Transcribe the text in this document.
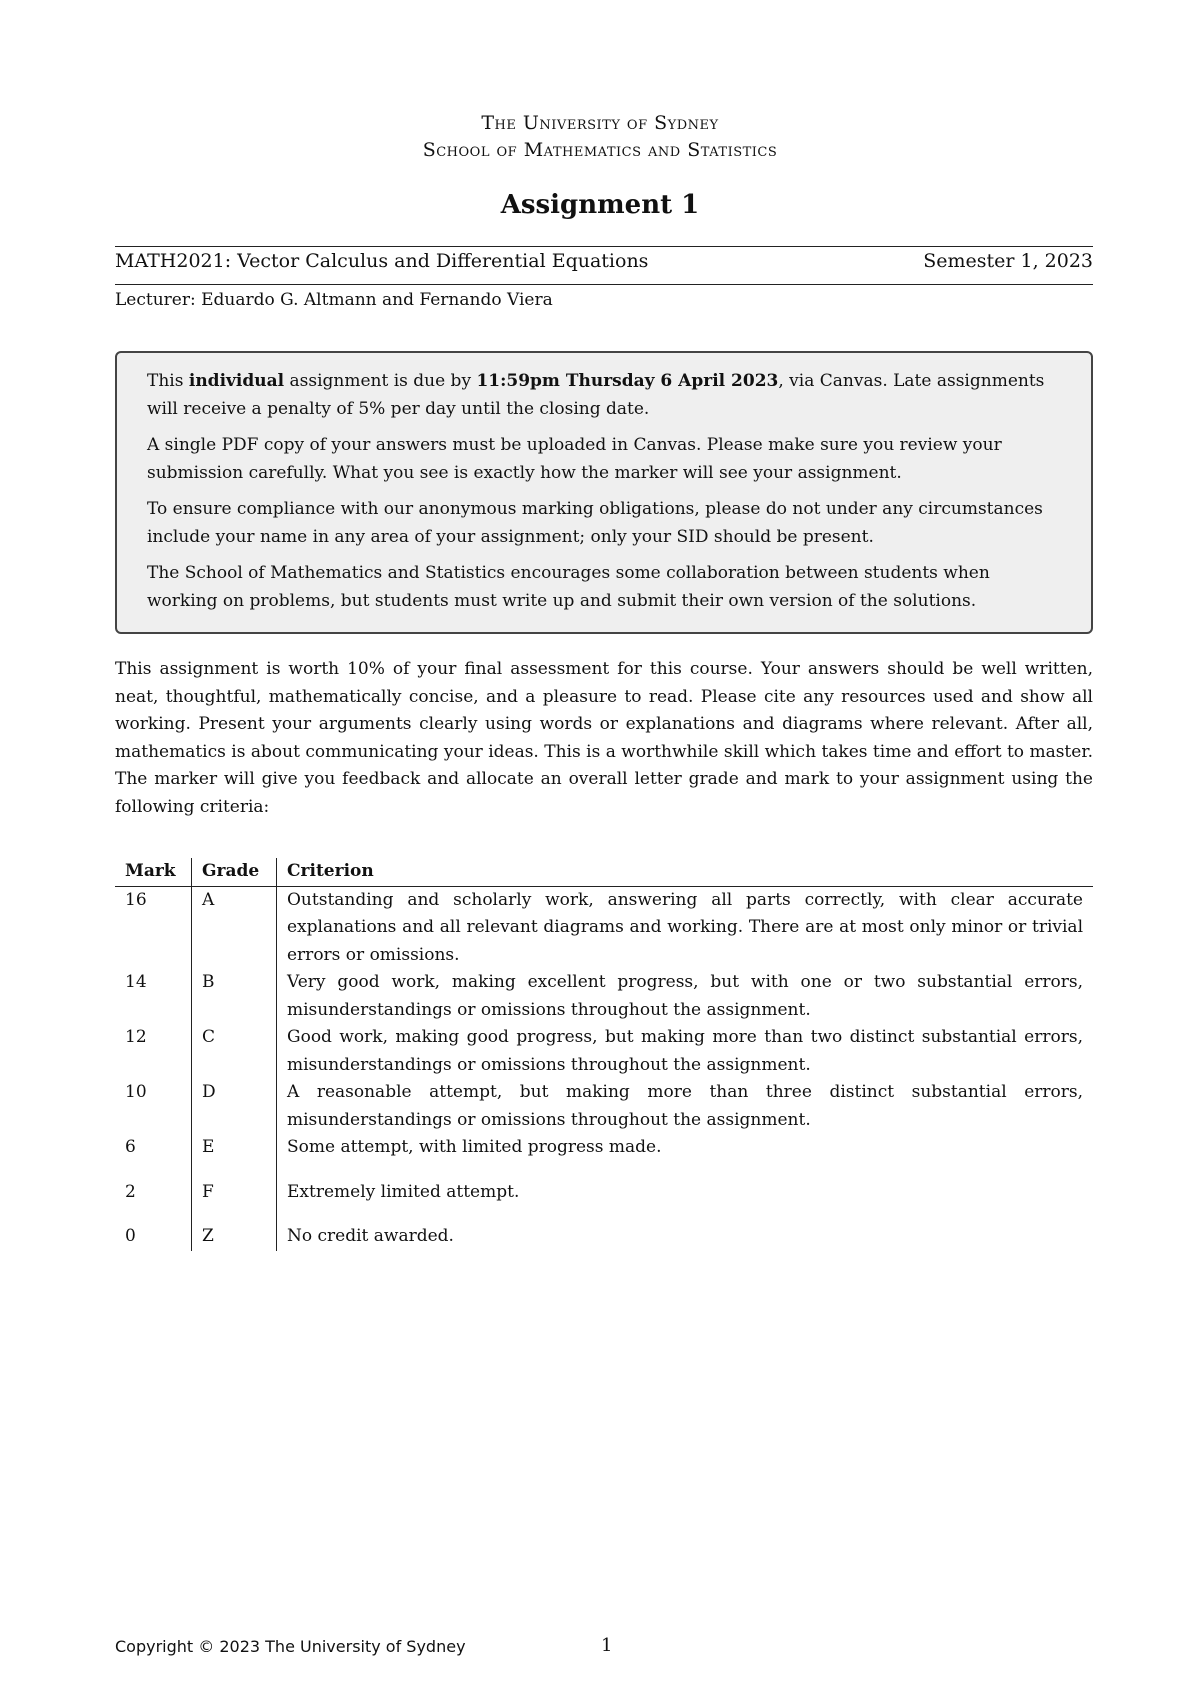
The University of Sydney
School of Mathematics and Statistics
Assignment 1
MATH2021: Vector Calculus and Differential Equations	Semester 1, 2023
Lecturer: Eduardo G. Altmann and Fernando Viera

This individual assignment is due by 11:59pm Thursday 6 April 2023, via Canvas. Late assignments will receive a penalty of 5% per day until the closing date.

A single PDF copy of your answers must be uploaded in Canvas. Please make sure you review your submission carefully. What you see is exactly how the marker will see your assignment.

To ensure compliance with our anonymous marking obligations, please do not under any circumstances include your name in any area of your assignment; only your SID should be present.

The School of Mathematics and Statistics encourages some collaboration between students when working on problems, but students must write up and submit their own version of the solutions.

This assignment is worth 10% of your final assessment for this course. Your answers should be well written, neat, thoughtful, mathematically concise, and a pleasure to read. Please cite any resources used and show all working. Present your arguments clearly using words or explanations and diagrams where relevant. After all, mathematics is about communicating your ideas. This is a worthwhile skill which takes time and effort to master. The marker will give you feedback and allocate an overall letter grade and mark to your assignment using the following criteria:

Mark	Grade	Criterion
16	A	Outstanding and scholarly work, answering all parts correctly, with clear accurate explanations and all relevant diagrams and working. There are at most only minor or trivial errors or omissions.
14	B	Very good work, making excellent progress, but with one or two substantial errors, misunderstandings or omissions throughout the assignment.
12	C	Good work, making good progress, but making more than two distinct substantial errors, misunderstandings or omissions throughout the assignment.
10	D	A reasonable attempt, but making more than three distinct substantial errors, misunderstandings or omissions throughout the assignment.
6	E	Some attempt, with limited progress made.
2	F	Extremely limited attempt.
0	Z	No credit awarded.
Copyright © 2023 The University of Sydney	1
